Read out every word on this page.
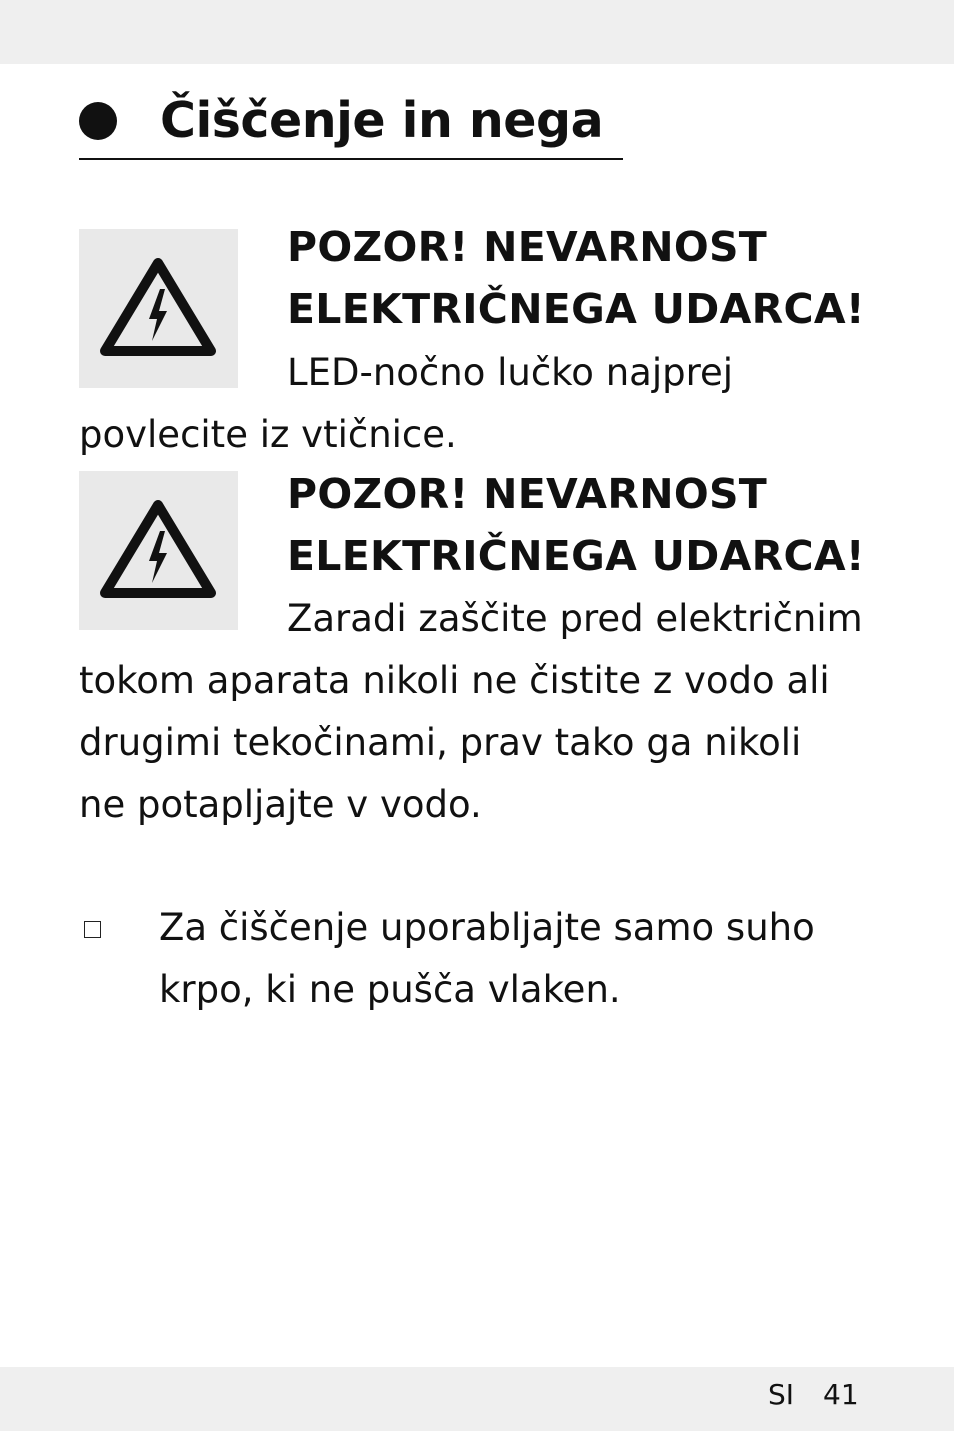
Čiščenje in nega
POZOR! NEVARNOST
ELEKTRIČNEGA UDARCA!
LED-nočno lučko najprej
povlecite iz vtičnice.
POZOR! NEVARNOST
ELEKTRIČNEGA UDARCA!
Zaradi zaščite pred električnim
tokom aparata nikoli ne čistite z vodo ali
drugimi tekočinami, prav tako ga nikoli
ne potapljajte v vodo.
Za čiščenje uporabljajte samo suho
krpo, ki ne pušča vlaken.
SI 41
